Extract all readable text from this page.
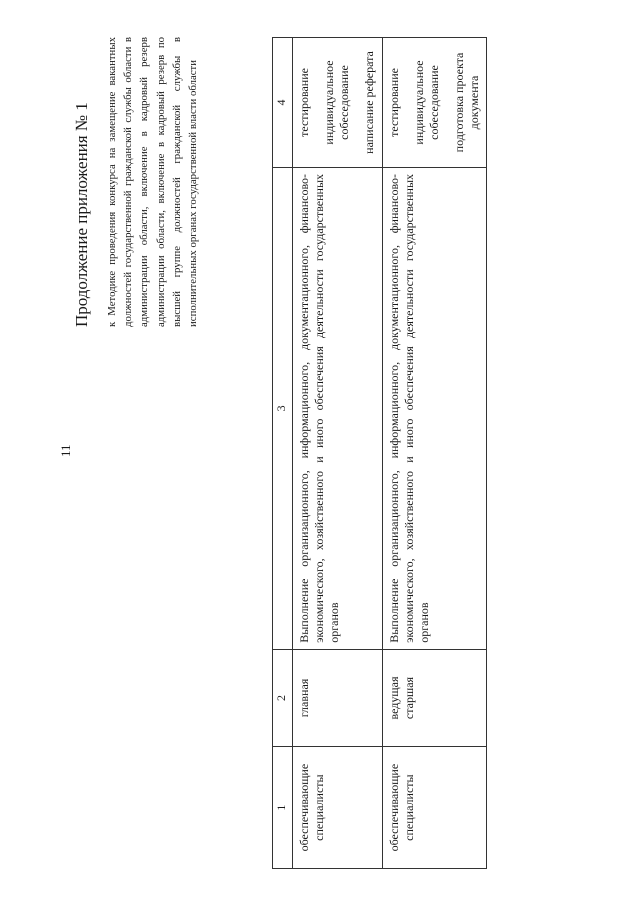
11
Продолжение приложения № 1 к Методике проведения конкурса на замещение вакантных должностей государственной гражданской службы области в администрации области, включение в кадровый резерв администрации области, включение в кадровый резерв по высшей группе должностей гражданской службы в исполнительных органах государственной власти области

1	2	3	4
обеспечивающие специалисты	главная	Выполнение организационного, информационного, документационного, финансово-экономического, хозяйственного и иного обеспечения деятельности государственных органов	тестирование индивидуальное собеседование написание реферата

обеспечивающие специалисты	ведущая старшая	Выполнение организационного, информационного, документационного, финансово-экономического, хозяйственного и иного обеспечения деятельности государственных органов	тестирование индивидуальное собеседование подготовка проекта документа
